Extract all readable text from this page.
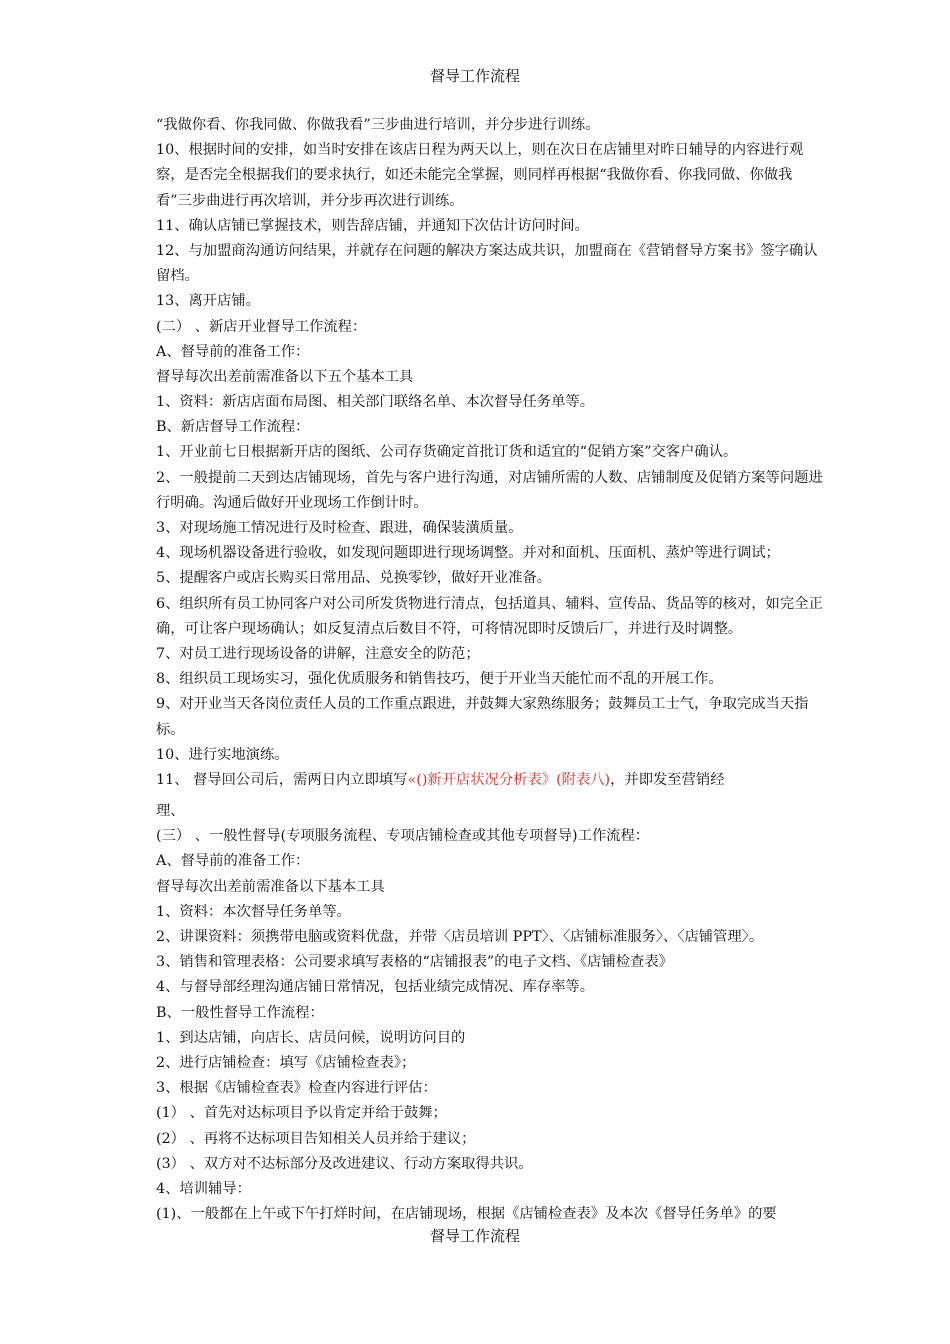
督导工作流程
“我做你看、你我同做、你做我看”三步曲进行培训，并分步进行训练。
10、根据时间的安排，如当时安排在该店日程为两天以上，则在次日在店铺里对昨日辅导的内容进行观
察，是否完全根据我们的要求执行，如还未能完全掌握，则同样再根据“我做你看、你我同做、你做我
看”三步曲进行再次培训，并分步再次进行训练。
11、确认店铺已掌握技术，则告辞店铺，并通知下次估计访问时间。
12、与加盟商沟通访问结果，并就存在问题的解决方案达成共识，加盟商在《营销督导方案书》签字确认
留档。
13、离开店铺。
(二） 、新店开业督导工作流程：
A、督导前的准备工作：
督导每次出差前需准备以下五个基本工具
1、资料：新店店面布局图、相关部门联络名单、本次督导任务单等。
B、新店督导工作流程：
1、开业前七日根据新开店的图纸、公司存货确定首批订货和适宜的“促销方案”交客户确认。
2、一般提前二天到达店铺现场，首先与客户进行沟通，对店铺所需的人数、店铺制度及促销方案等问题进
行明确。沟通后做好开业现场工作倒计时。
3、对现场施工情况进行及时检查、跟进，确保装潢质量。
4、现场机器设备进行验收，如发现问题即进行现场调整。并对和面机、压面机、蒸炉等进行调试；
5、提醒客户或店长购买日常用品、兑换零钞，做好开业准备。
6、组织所有员工协同客户对公司所发货物进行清点，包括道具、辅料、宣传品、货品等的核对，如完全正
确，可让客户现场确认；如反复清点后数目不符，可将情况即时反馈后厂，并进行及时调整。
7、对员工进行现场设备的讲解，注意安全的防范；
8、组织员工现场实习，强化优质服务和销售技巧，便于开业当天能忙而不乱的开展工作。
9、对开业当天各岗位责任人员的工作重点跟进，并鼓舞大家熟练服务；鼓舞员工士气，争取完成当天指
标。
10、进行实地演练。
11、 督导回公司后，需两日内立即填写«()新开店状况分析表》(附表八)，并即发至营销经
理、
(三） 、一般性督导(专项服务流程、专项店铺检查或其他专项督导)工作流程：
A、督导前的准备工作：
督导每次出差前需准备以下基本工具
1、资料：本次督导任务单等。
2、讲课资料：须携带电脑或资料优盘，并带〈店员培训 PPT〉、〈店铺标准服务〉、〈店铺管理〉。
3、销售和管理表格：公司要求填写表格的“店铺报表”的电子文档、《店铺检查表》
4、与督导部经理沟通店铺日常情况，包括业绩完成情况、库存率等。
B、一般性督导工作流程：
1、到达店铺，向店长、店员问候，说明访问目的
2、进行店铺检查：填写《店铺检查表》；
3、根据《店铺检查表》检查内容进行评估：
(1） 、首先对达标项目予以肯定并给于鼓舞；
(2） 、再将不达标项目告知相关人员并给于建议；
(3） 、双方对不达标部分及改进建议、行动方案取得共识。
4、培训辅导：
(1)、一般都在上午或下午打烊时间，在店铺现场，根据《店铺检查表》及本次《督导任务单》的要
督导工作流程
